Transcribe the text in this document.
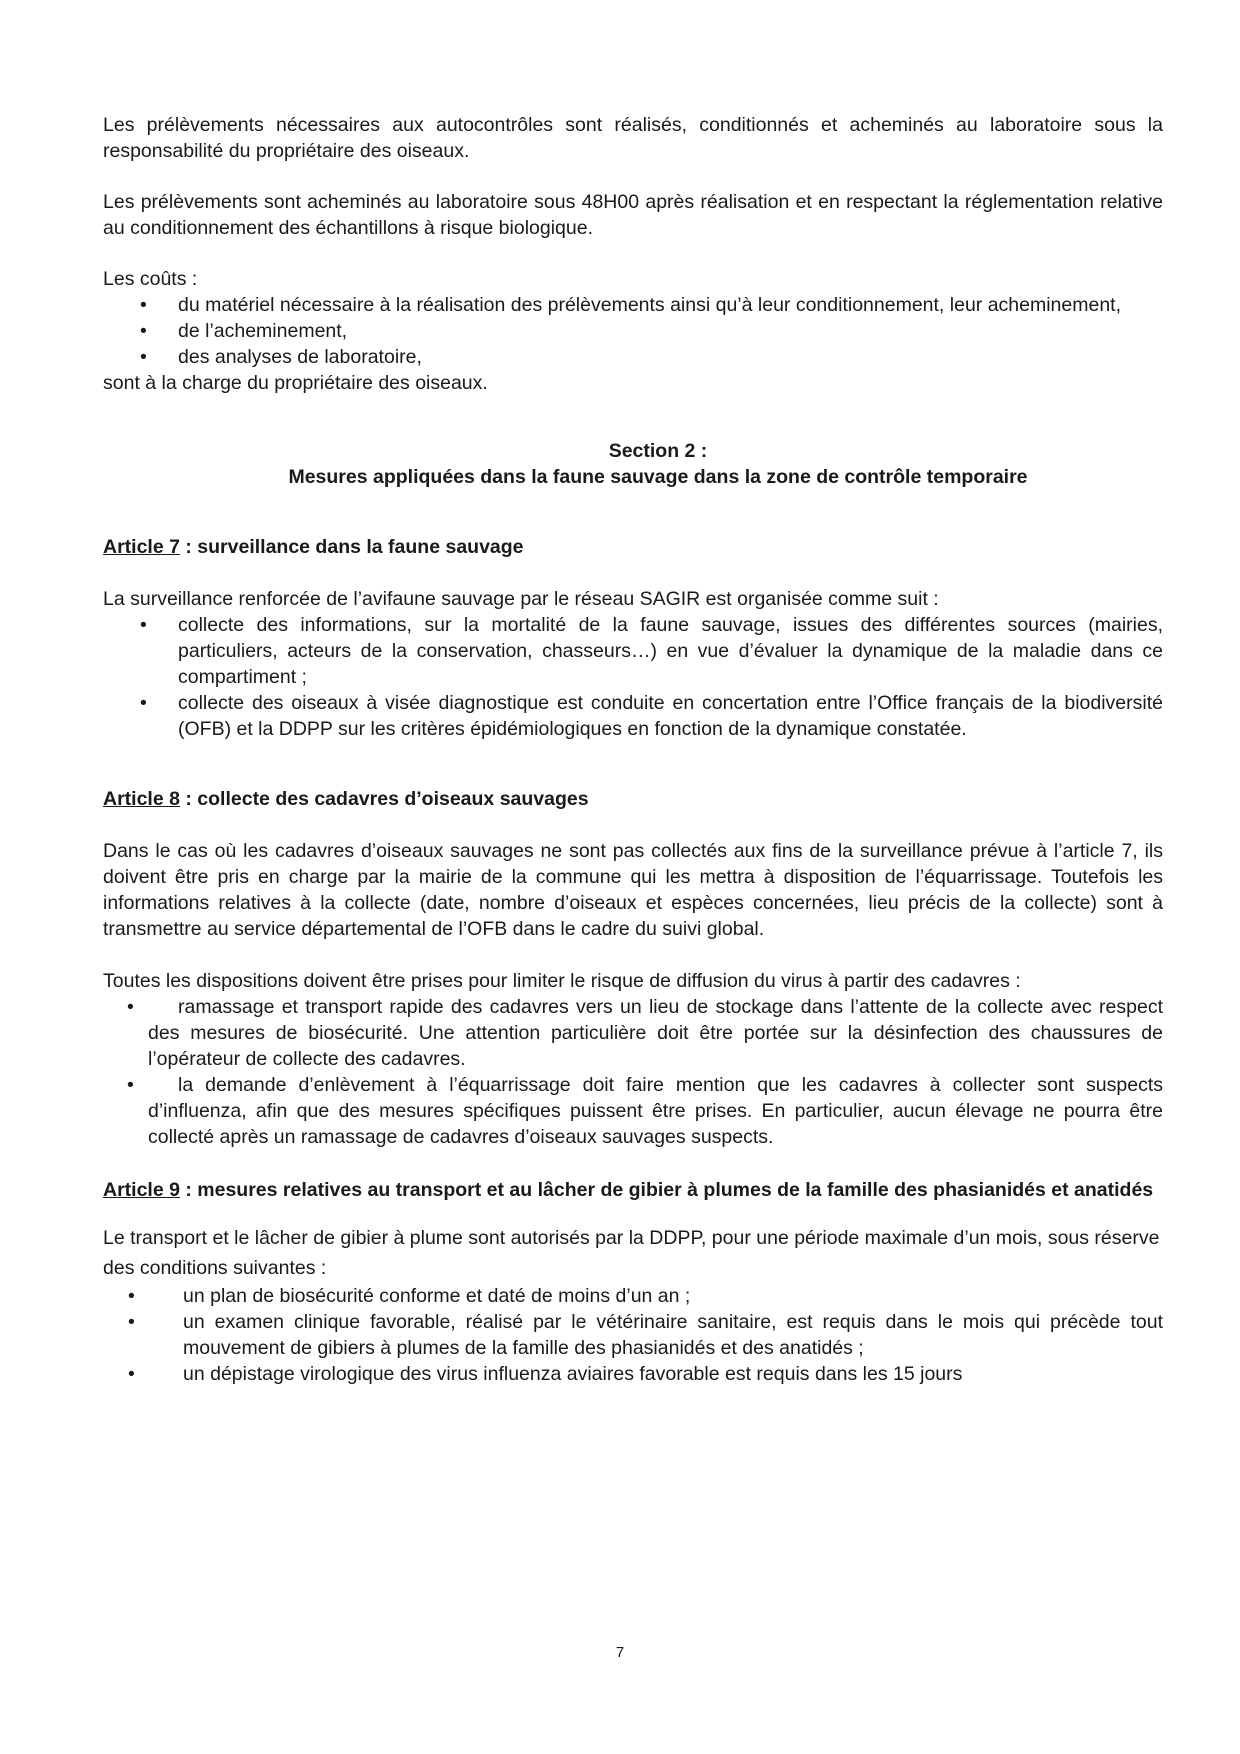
Les prélèvements nécessaires aux autocontrôles sont réalisés, conditionnés et acheminés au laboratoire sous la responsabilité du propriétaire des oiseaux.

Les prélèvements sont acheminés au laboratoire sous 48H00 après réalisation et en respectant la réglementation relative au conditionnement des échantillons à risque biologique.

Les coûts :

• du matériel nécessaire à la réalisation des prélèvements ainsi qu’à leur conditionnement, leur acheminement,
• de l’acheminement,
• des analyses de laboratoire,

sont à la charge du propriétaire des oiseaux.

Section 2 :

Mesures appliquées dans la faune sauvage dans la zone de contrôle temporaire

Article 7 : surveillance dans la faune sauvage

La surveillance renforcée de l’avifaune sauvage par le réseau SAGIR est organisée comme suit :

• collecte des informations, sur la mortalité de la faune sauvage, issues des différentes sources (mairies, particuliers, acteurs de la conservation, chasseurs…) en vue d’évaluer la dynamique de la maladie dans ce compartiment ;
• collecte des oiseaux à visée diagnostique est conduite en concertation entre l’Office français de la biodiversité (OFB) et la DDPP sur les critères épidémiologiques en fonction de la dynamique constatée.

Article 8 : collecte des cadavres d’oiseaux sauvages

Dans le cas où les cadavres d’oiseaux sauvages ne sont pas collectés aux fins de la surveillance prévue à l’article 7, ils doivent être pris en charge par la mairie de la commune qui les mettra à disposition de l’équarrissage. Toutefois les informations relatives à la collecte (date, nombre d’oiseaux et espèces concernées, lieu précis de la collecte) sont à transmettre au service départemental de l’OFB dans le cadre du suivi global.

Toutes les dispositions doivent être prises pour limiter le risque de diffusion du virus à partir des cadavres :

• ramassage et transport rapide des cadavres vers un lieu de stockage dans l’attente de la collecte avec respect des mesures de biosécurité. Une attention particulière doit être portée sur la désinfection des chaussures de l’opérateur de collecte des cadavres.
• la demande d’enlèvement à l’équarrissage doit faire mention que les cadavres à collecter sont suspects d’influenza, afin que des mesures spécifiques puissent être prises. En particulier, aucun élevage ne pourra être collecté après un ramassage de cadavres d’oiseaux sauvages suspects.

Article 9 : mesures relatives au transport et au lâcher de gibier à plumes de la famille des phasianidés et anatidés

Le transport et le lâcher de gibier à plume sont autorisés par la DDPP, pour une période maximale d’un mois, sous réserve des conditions suivantes :

• un plan de biosécurité conforme et daté de moins d’un an ;
• un examen clinique favorable, réalisé par le vétérinaire sanitaire, est requis dans le mois qui précède tout mouvement de gibiers à plumes de la famille des phasianidés et des anatidés ;
• un dépistage virologique des virus influenza aviaires favorable est requis dans les 15 jours
7
